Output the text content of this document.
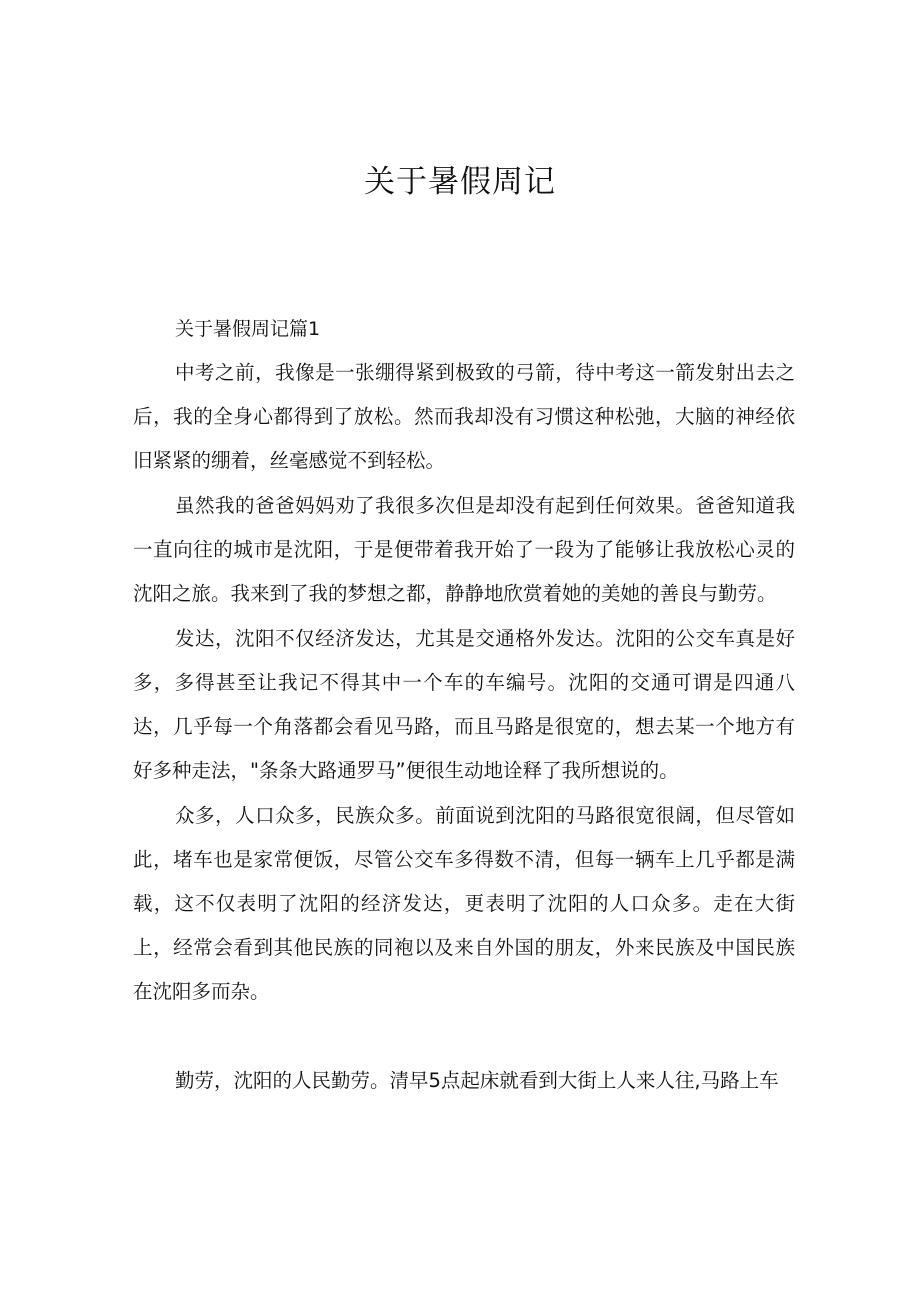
关于暑假周记

关于暑假周记篇1

中考之前，我像是一张绷得紧到极致的弓箭，待中考这一箭发射出去之后，我的全身心都得到了放松。然而我却没有习惯这种松弛，大脑的神经依旧紧紧的绷着，丝毫感觉不到轻松。

虽然我的爸爸妈妈劝了我很多次但是却没有起到任何效果。爸爸知道我一直向往的城市是沈阳，于是便带着我开始了一段为了能够让我放松心灵的沈阳之旅。我来到了我的梦想之都，静静地欣赏着她的美她的善良与勤劳。

发达，沈阳不仅经济发达，尤其是交通格外发达。沈阳的公交车真是好多，多得甚至让我记不得其中一个车的车编号。沈阳的交通可谓是四通八达，几乎每一个角落都会看见马路，而且马路是很宽的，想去某一个地方有好多种走法，"条条大路通罗马”便很生动地诠释了我所想说的。

众多，人口众多，民族众多。前面说到沈阳的马路很宽很阔，但尽管如此，堵车也是家常便饭，尽管公交车多得数不清，但每一辆车上几乎都是满载，这不仅表明了沈阳的经济发达，更表明了沈阳的人口众多。走在大街上，经常会看到其他民族的同袍以及来自外国的朋友，外来民族及中国民族在沈阳多而杂。

勤劳，沈阳的人民勤劳。清早5点起床就看到大街上人来人往,马路上车
